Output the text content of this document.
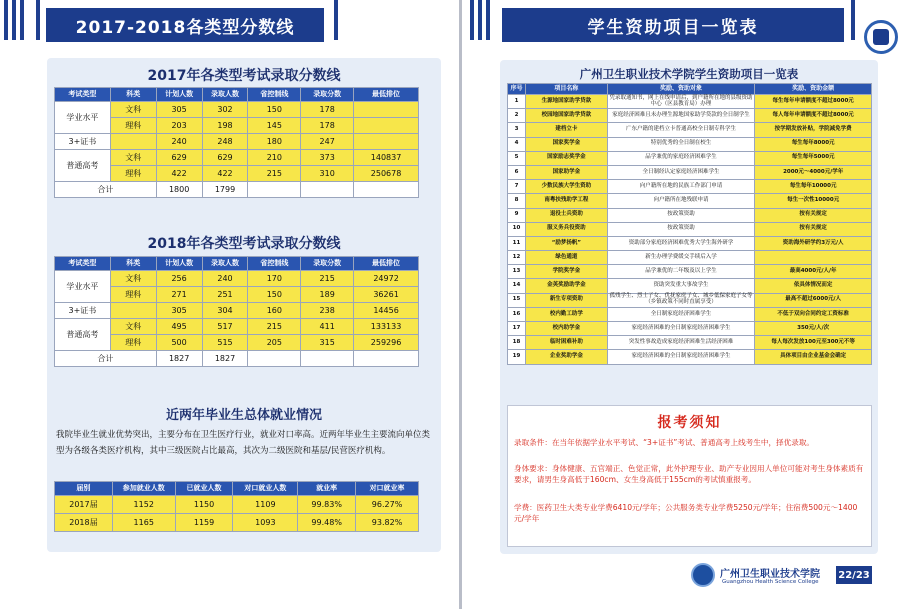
2017-2018各类型分数线	学生资助项目一览表
2017年各类型考试录取分数线
2018年各类型考试录取分数线
近两年毕业生总体就业情况
考试类型	科类	计划人数	录取人数	省控制线	录取分数	最低排位
学业水平	文科	305	302	150	178	
	理科	203	198	145	178	
3+证书		240	248	180	247	
普通高考	文科	629	629	210	373	140837
	理科	422	422	215	310	250678
合计		1800	1799			
考试类型	科类	计划人数	录取人数	省控制线	录取分数	最低排位
学业水平	文科	256	240	170	215	24972
	理科	271	251	150	189	36261
3+证书		305	304	160	238	14456
普通高考	文科	495	517	215	411	133133
	理科	500	515	205	315	259296
合计		1827	1827			
我院毕业生就业优势突出，主要分布在卫生医疗行业，就业对口率高。近两年毕业生主要流向单位类型为各级各类医疗机构，其中三级医院占比最高，其次为二级医院和基层/民营医疗机构。
届别	参加就业人数	已就业人数	对口就业人数	就业率	对口就业率
2017届	1152	1150	1109	99.83%	96.27%
2018届	1165	1159	1093	99.48%	93.82%
广州卫生职业技术学院学生资助项目一览表
序号	项目名称	奖励、资助对象	奖励、资助金额
1	生源地国家助学贷款	凭录取通知书，网上在线申请后，到户籍所在地的县级资助中心（区县教育局）办理	每生每年申请额度不超过8000元
2	校园地国家助学贷款	家庭经济困难且未办理生源地国家助学贷款的全日制学生	每人每年申请额度不超过8000元
3	建档立卡	广东户籍的建档立卡普通高校全日制专科学生	按学期发放补贴，学院减免学费
4	国家奖学金	特别优秀的全日制在校生	每生每年8000元
5	国家励志奖学金	品学兼优的家庭经济困难学生	每生每年5000元
6	国家助学金	全日制经认定家庭经济困难学生	2000元～4000元/学年
7	少数民族大学生资助	向户籍所在地的民族工作部门申请	每生每年10000元
8	南粤扶残助学工程	向户籍所在地残联申请	每生一次性10000元
9	退役士兵资助	按政策资助	按有关规定
10	服义务兵役资助	按政策资助	按有关规定
11	“励梦扬帆”	资助部分家庭经济困难优秀大学生海外研学	资助海外研学约3万元/人
12	绿色通道	新生办理学费缓交手续后入学	
13	学院奖学金	品学兼优的二年级及以上学生	最高4000元/人/年
14	金英奖励助学金	资助突发重大事故学生	依具体情况而定
15	新生专项资助	孤残学生、烈士子女、优抚家庭子女、城乡低保家庭子女等（乡镇政策不同时直属享受）	最高不超过6000元/人
16	校内勤工助学	全日制家庭经济困难学生	不低于双向合同约定工资标准
17	校内助学金	家庭经济困难的全日制家庭经济困难学生	350元/人/次
18	临时困难补助	突发性事故造成家庭经济困难生活经济困难	每人每次发放100元至300元不等
19	企业奖助学金	家庭经济困难的全日制家庭经济困难学生	具体项目由企业基金会确定
报考须知
录取条件：在当年依据学业水平考试、“3+证书”考试、普通高考上线考生中，择优录取。
身体要求：身体健康、五官端正、色觉正常，此外护理专业、助产专业因用人单位可能对考生身体素质有要求，请男生身高低于160cm、女生身高低于155cm的考试慎重报考。
学费：医药卫生大类专业学费6410元/学年；公共服务类专业学费5250元/学年；住宿费500元～1400元/学年
广州卫生职业技术学院
Guangzhou Health Science College
22/23
